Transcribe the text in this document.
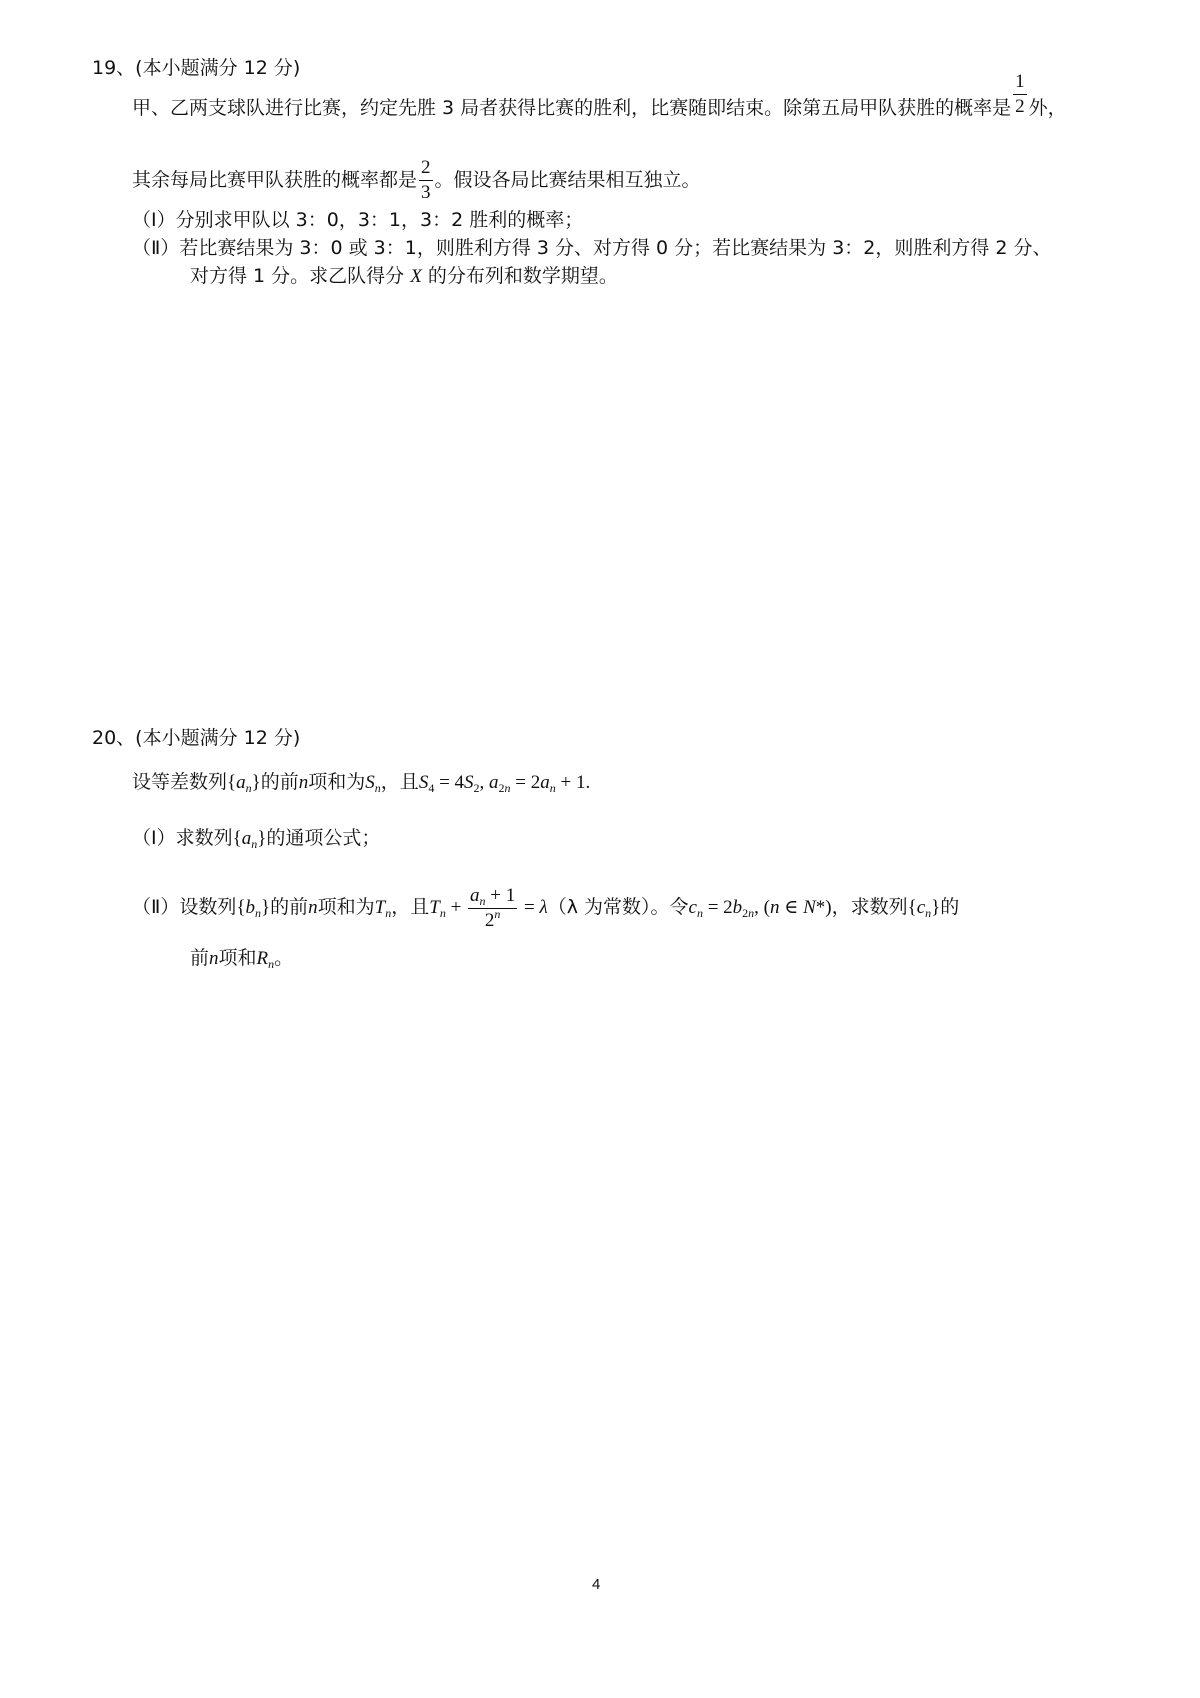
19、(本小题满分 12 分)
甲、乙两支球队进行比赛，约定先胜 3 局者获得比赛的胜利，比赛随即结束。除第五局甲队获胜的概率是 $\frac{1}{2}$ 外，
其余每局比赛甲队获胜的概率都是 $\frac{2}{3}$ 。假设各局比赛结果相互独立。
（Ⅰ）分别求甲队以 3：0，3：1，3：2 胜利的概率；
（Ⅱ）若比赛结果为 3：0 或 3：1，则胜利方得 3 分、对方得 0 分；若比赛结果为 3：2，则胜利方得 2 分、
对方得 1 分。求乙队得分 X 的分布列和数学期望。
20、(本小题满分 12 分)
设等差数列$\{a_n\}$的前n项和为$S_n$，且$S_4 = 4S_2$, $a_{2n} = 2a_n + 1$.
（Ⅰ）求数列$\{a_n\}$的通项公式；
（Ⅱ）设数列$\{b_n\}$的前n项和为$T_n$，且$T_n + \frac{a_n + 1}{2^n} = \lambda(\lambda$ 为常数）。令$c_n = 2b_{2n}$, (n ∈ N*)，求数列$\{c_n\}$的
前n项和$R_n$。
4
